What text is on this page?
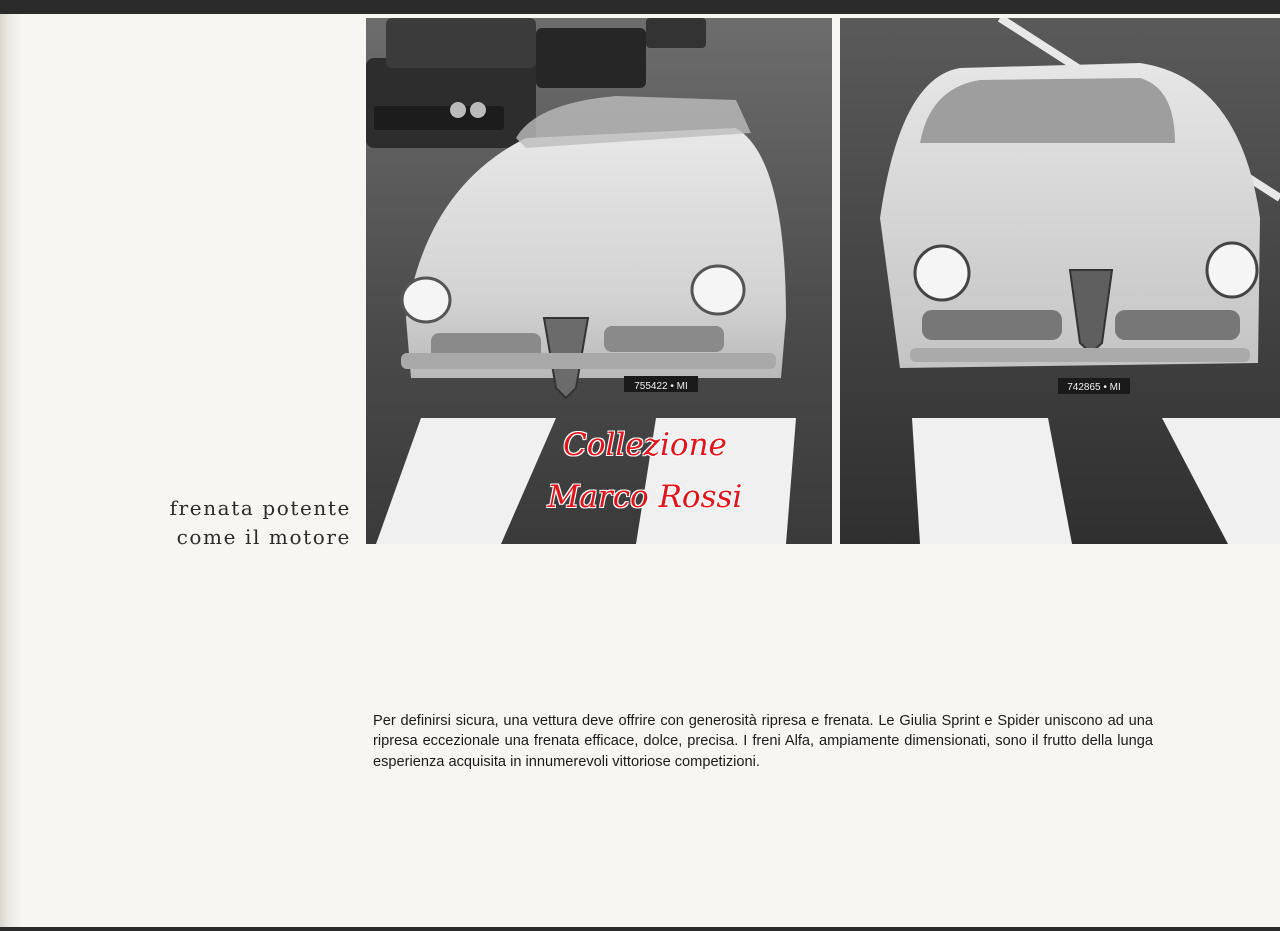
755422 • MI	742865 • MI
frenata potente
come il motore
Collezione
Marco Rossi

Per definirsi sicura, una vettura deve offrire con generosità ripresa e frenata. Le Giulia Sprint e Spider uniscono ad una ripresa eccezionale una frenata efficace, dolce, precisa. I freni Alfa, ampiamente dimensionati, sono il frutto della lunga esperienza acquisita in innumerevoli vittoriose competizioni.
